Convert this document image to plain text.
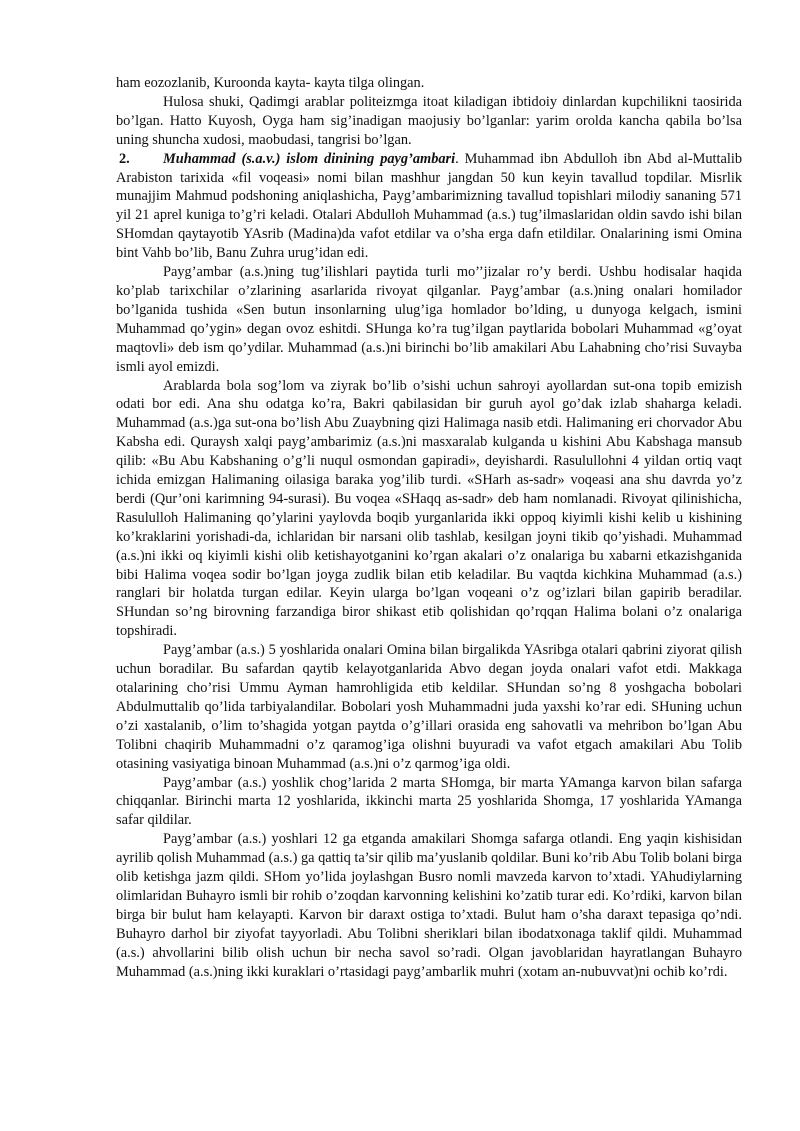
ham eozozlanib, Kuroonda kayta- kayta tilga olingan.

Hulosa shuki, Qadimgi arablar politeizmga itoat kiladigan ibtidoiy dinlardan kupchilikni taosirida bo’lgan. Hatto Kuyosh, Oyga ham sig’inadigan maojusiy bo’lganlar: yarim orolda kancha qabila bo’lsa uning shuncha xudosi, maobudasi, tangrisi bo’lgan.

2. Muhammad (s.a.v.) islom dinining payg’ambari. Muhammad ibn Abdulloh ibn Abd al-Muttalib Arabiston tarixida «fil voqeasi» nomi bilan mashhur jangdan 50 kun keyin tavallud topdilar. Misrlik munajjim Mahmud podshoning aniqlashicha, Payg’ambarimizning tavallud topishlari milodiy sananing 571 yil 21 aprel kuniga to’g’ri keladi. Otalari Abdulloh Muhammad (a.s.) tug’ilmaslaridan oldin savdo ishi bilan SHomdan qaytayotib YAsrib (Madina)da vafot etdilar va o’sha erga dafn etildilar. Onalarining ismi Omina bint Vahb bo’lib, Banu Zuhra urug’idan edi.

Payg’ambar (a.s.)ning tug’ilishlari paytida turli mo’’jizalar ro’y berdi. Ushbu hodisalar haqida ko’plab tarixchilar o’zlarining asarlarida rivoyat qilganlar. Payg’ambar (a.s.)ning onalari homilador bo’lganida tushida «Sen butun insonlarning ulug’iga homlador bo’lding, u dunyoga kelgach, ismini Muhammad qo’ygin» degan ovoz eshitdi. SHunga ko’ra tug’ilgan paytlarida bobolari Muhammad «g’oyat maqtovli» deb ism qo’ydilar. Muhammad (a.s.)ni birinchi bo’lib amakilari Abu Lahabning cho’risi Suvayba ismli ayol emizdi.

Arablarda bola sog’lom va ziyrak bo’lib o’sishi uchun sahroyi ayollardan sut-ona topib emizish odati bor edi. Ana shu odatga ko’ra, Bakri qabilasidan bir guruh ayol go’dak izlab shaharga keladi. Muhammad (a.s.)ga sut-ona bo’lish Abu Zuaybning qizi Halimaga nasib etdi. Halimaning eri chorvador Abu Kabsha edi. Quraysh xalqi payg’ambarimiz (a.s.)ni masxaralab kulganda u kishini Abu Kabshaga mansub qilib: «Bu Abu Kabshaning o’g’li nuqul osmondan gapiradi», deyishardi. Rasulullohni 4 yildan ortiq vaqt ichida emizgan Halimaning oilasiga baraka yog’ilib turdi. «SHarh as-sadr» voqeasi ana shu davrda yo’z berdi (Qur’oni karimning 94-surasi). Bu voqea «SHaqq as-sadr» deb ham nomlanadi. Rivoyat qilinishicha, Rasululloh Halimaning qo’ylarini yaylovda boqib yurganlarida ikki oppoq kiyimli kishi kelib u kishining ko’kraklarini yorishadi-da, ichlaridan bir narsani olib tashlab, kesilgan joyni tikib qo’yishadi. Muhammad (a.s.)ni ikki oq kiyimli kishi olib ketishayotganini ko’rgan akalari o’z onalariga bu xabarni etkazishganida bibi Halima voqea sodir bo’lgan joyga zudlik bilan etib keladilar. Bu vaqtda kichkina Muhammad (a.s.) ranglari bir holatda turgan edilar. Keyin ularga bo’lgan voqeani o’z og’izlari bilan gapirib beradilar. SHundan so’ng birovning farzandiga biror shikast etib qolishidan qo’rqqan Halima bolani o’z onalariga topshiradi.

Payg’ambar (a.s.) 5 yoshlarida onalari Omina bilan birgalikda YAsribga otalari qabrini ziyorat qilish uchun boradilar. Bu safardan qaytib kelayotganlarida Abvo degan joyda onalari vafot etdi. Makkaga otalarining cho’risi Ummu Ayman hamrohligida etib keldilar. SHundan so’ng 8 yoshgacha bobolari Abdulmuttalib qo’lida tarbiyalandilar. Bobolari yosh Muhammadni juda yaxshi ko’rar edi. SHuning uchun o’zi xastalanib, o’lim to’shagida yotgan paytda o’g’illari orasida eng sahovatli va mehribon bo’lgan Abu Tolibni chaqirib Muhammadni o’z qaramog’iga olishni buyuradi va vafot etgach amakilari Abu Tolib otasining vasiyatiga binoan Muhammad (a.s.)ni o’z qarmog’iga oldi.

Payg’ambar (a.s.) yoshlik chog’larida 2 marta SHomga, bir marta YAmanga karvon bilan safarga chiqqanlar. Birinchi marta 12 yoshlarida, ikkinchi marta 25 yoshlarida Shomga, 17 yoshlarida YAmanga safar qildilar.

Payg’ambar (a.s.) yoshlari 12 ga etganda amakilari Shomga safarga otlandi. Eng yaqin kishisidan ayrilib qolish Muhammad (a.s.) ga qattiq ta’sir qilib ma’yuslanib qoldilar. Buni ko’rib Abu Tolib bolani birga olib ketishga jazm qildi. SHom yo’lida joylashgan Busro nomli mavzeda karvon to’xtadi. YAhudiylarning olimlaridan Buhayro ismli bir rohib o’zoqdan karvonning kelishini ko’zatib turar edi. Ko’rdiki, karvon bilan birga bir bulut ham kelayapti. Karvon bir daraxt ostiga to’xtadi. Bulut ham o’sha daraxt tepasiga qo’ndi. Buhayro darhol bir ziyofat tayyorladi. Abu Tolibni sheriklari bilan ibodatxonaga taklif qildi. Muhammad (a.s.) ahvollarini bilib olish uchun bir necha savol so’radi. Olgan javoblaridan hayratlangan Buhayro Muhammad (a.s.)ning ikki kuraklari o’rtasidagi payg’ambarlik muhri (xotam an-nubuvvat)ni ochib ko’rdi.
